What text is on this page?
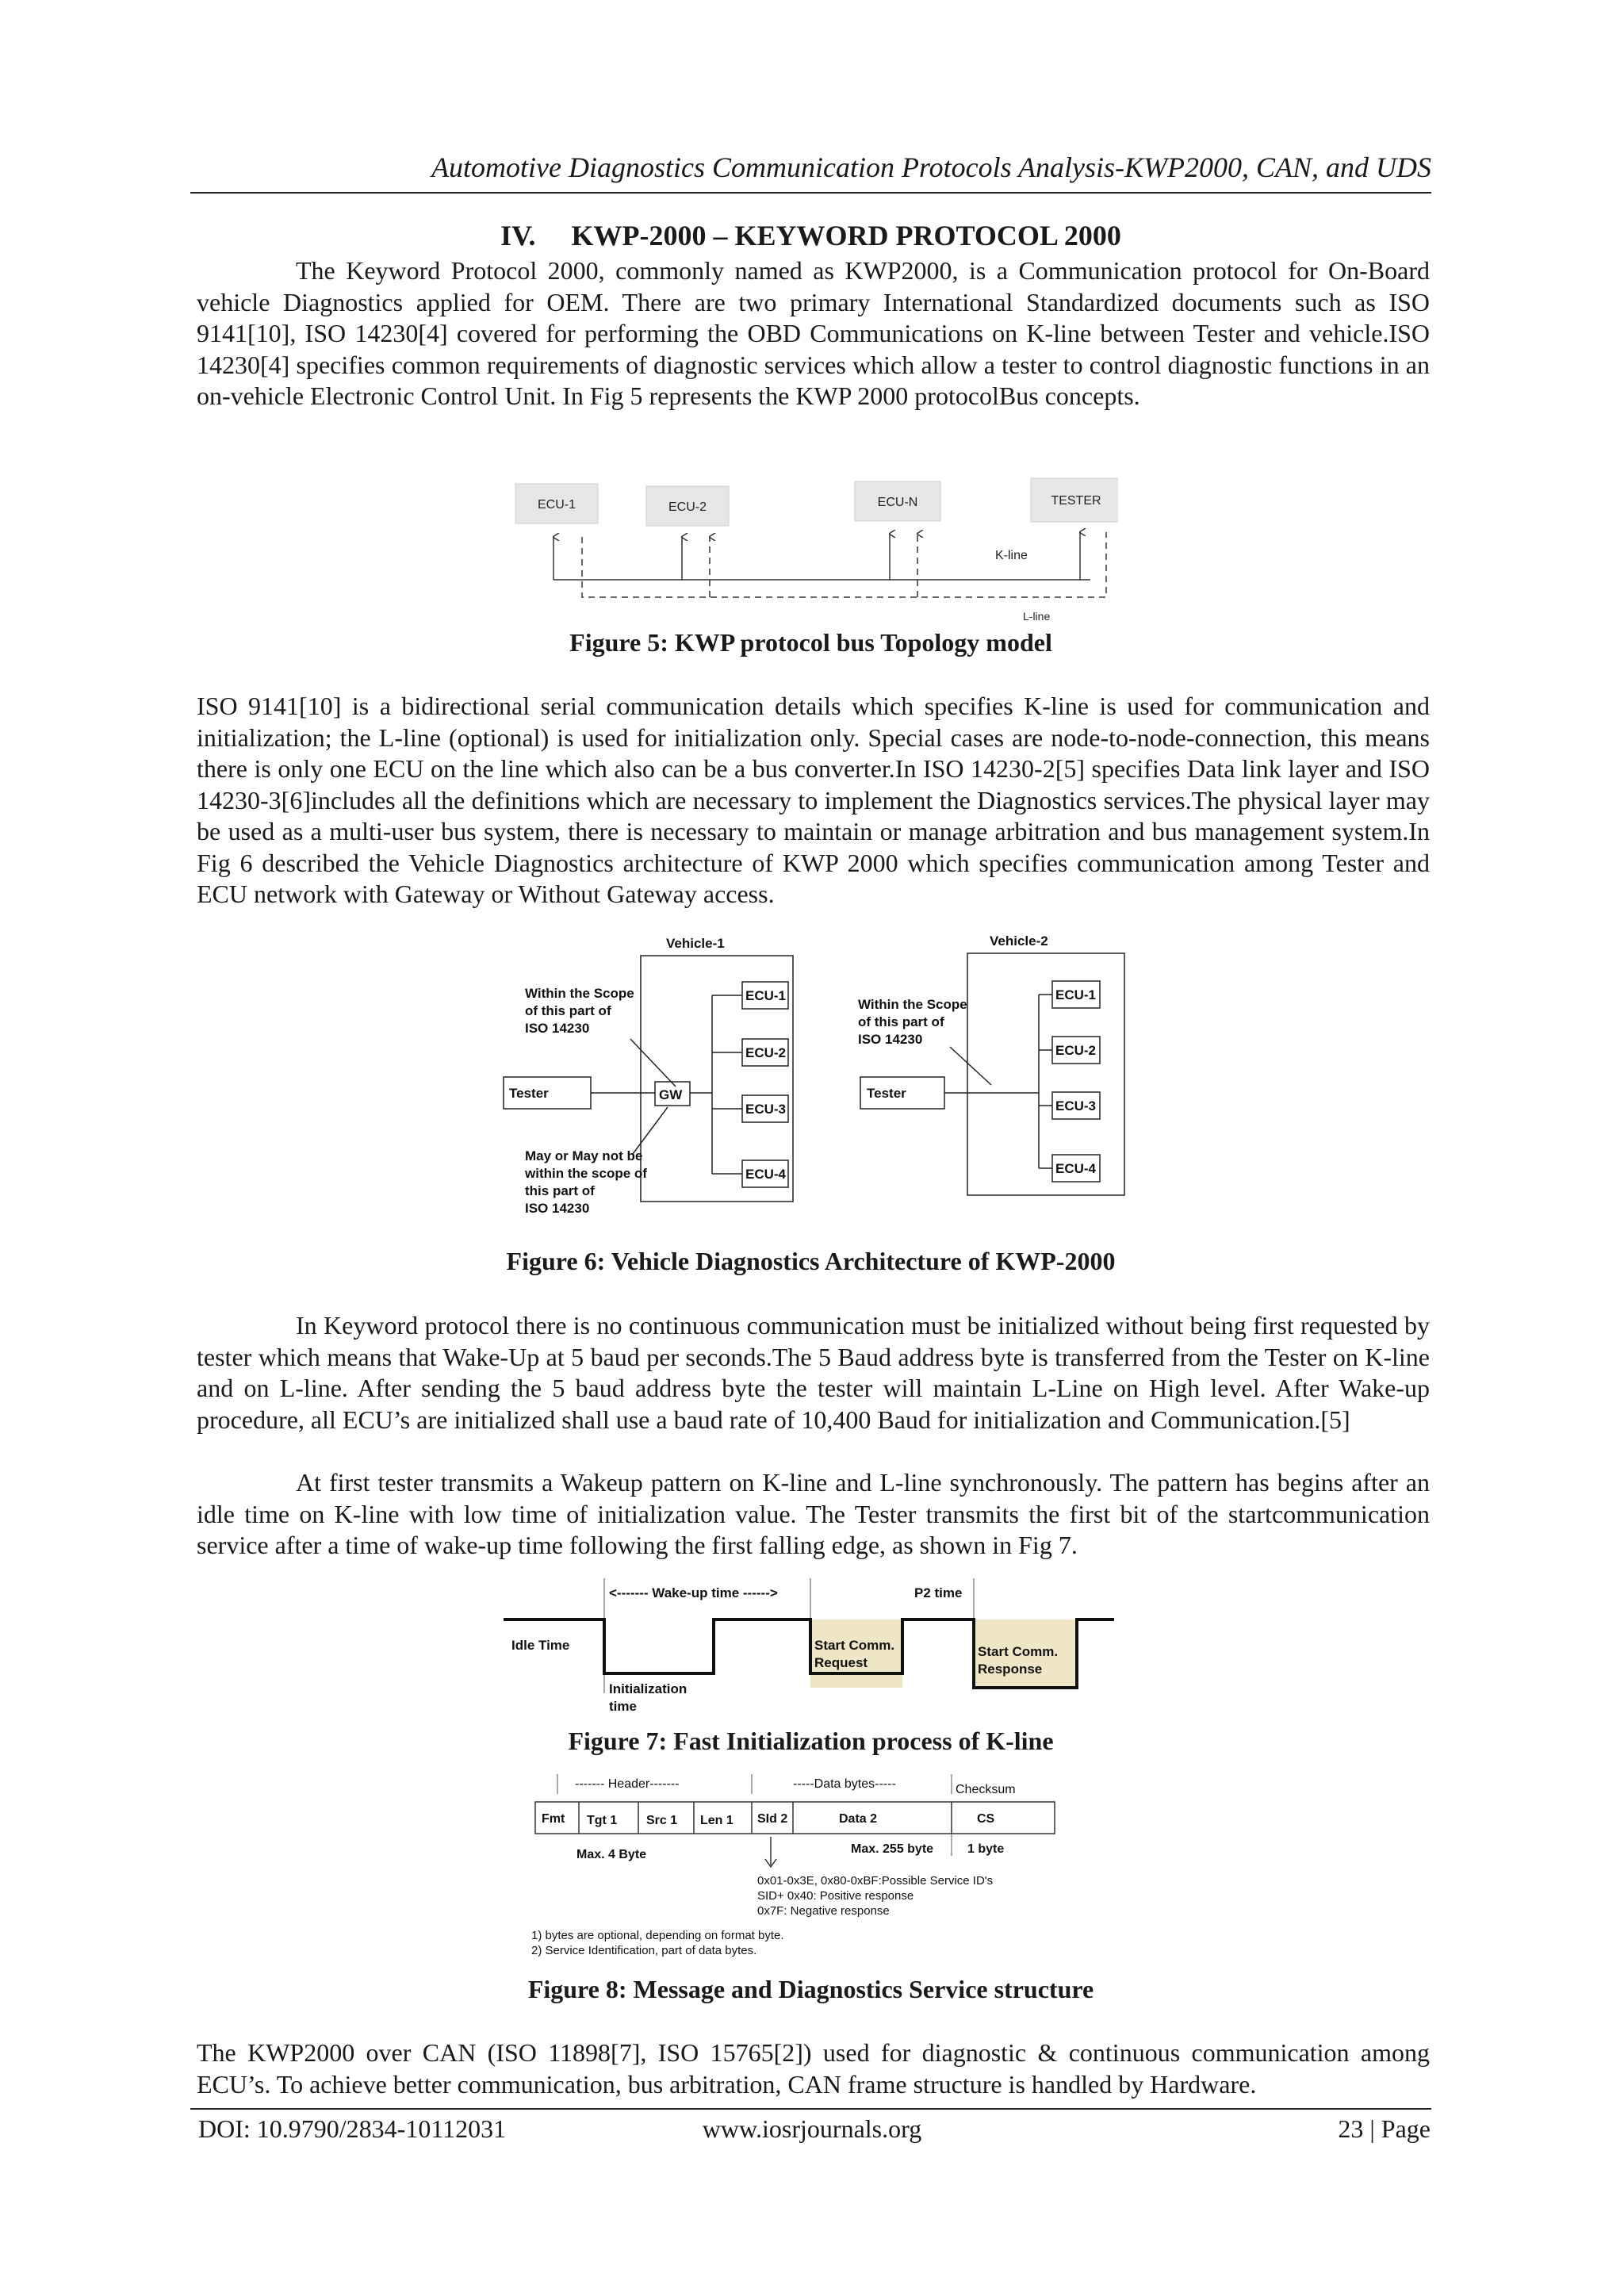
Automotive Diagnostics Communication Protocols Analysis-KWP2000, CAN, and UDS
IV.     KWP-2000 – KEYWORD PROTOCOL 2000
The Keyword Protocol 2000, commonly named as KWP2000, is a Communication protocol for On-Board vehicle Diagnostics applied for OEM. There are two primary International Standardized documents such as ISO 9141[10], ISO 14230[4] covered for performing the OBD Communications on K-line between Tester and vehicle.ISO 14230[4] specifies common requirements of diagnostic services which allow a tester to control diagnostic functions in an on-vehicle Electronic Control Unit. In Fig 5 represents the KWP 2000 protocolBus concepts.
ECU-1	ECU-2	ECU-N	TESTER
K-line
L-line
Figure 5: KWP protocol bus Topology model
ISO 9141[10] is a bidirectional serial communication details which specifies K-line is used for communication and initialization; the L-line (optional) is used for initialization only. Special cases are node-to-node-connection, this means there is only one ECU on the line which also can be a bus converter.In ISO 14230-2[5] specifies Data link layer and ISO 14230-3[6]includes all the definitions which are necessary to implement the Diagnostics services.The physical layer may be used as a multi-user bus system, there is necessary to maintain or manage arbitration and bus management system.In Fig 6 described the Vehicle Diagnostics architecture of KWP 2000 which specifies communication among Tester and ECU network with Gateway or Without Gateway access.
Vehicle-1
Within the Scope
of this part of
ISO 14230
Tester	GW
ECU-1
ECU-2
ECU-3
ECU-4
May or May not be
within the scope of
this part of
ISO 14230
Vehicle-2
Within the Scope
of this part of
ISO 14230
Tester
ECU-1
ECU-2
ECU-3
ECU-4
Figure 6: Vehicle Diagnostics Architecture of KWP-2000
In Keyword protocol there is no continuous communication must be initialized without being first requested by tester which means that Wake-Up at 5 baud per seconds.The 5 Baud address byte is transferred from the Tester on K-line and on L-line. After sending the 5 baud address byte the tester will maintain L-Line on High level. After Wake-up procedure, all ECU’s are initialized shall use a baud rate of 10,400 Baud for initialization and Communication.[5]
At first tester transmits a Wakeup pattern on K-line and L-line synchronously. The pattern has begins after an idle time on K-line with low time of initialization value. The Tester transmits the first bit of the startcommunication service after a time of wake-up time following the first falling edge, as shown in Fig 7.
<------- Wake-up time ------>	P2 time
Idle Time	Start Comm.
Request
Start Comm.
Response
Initialization
time
Figure 7: Fast Initialization process of K-line
------- Header-------	-----Data bytes-----	Checksum
Fmt Tgt 1 Src 1 Len 1 SId 2	Data 2	CS
Max. 4 Byte	Max. 255 byte	1 byte
0x01-0x3E, 0x80-0xBF:Possible Service ID's
SID+ 0x40: Positive response
0x7F: Negative response
1) bytes are optional, depending on format byte.
2) Service Identification, part of data bytes.
Figure 8: Message and Diagnostics Service structure
The KWP2000 over CAN (ISO 11898[7], ISO 15765[2]) used for diagnostic & continuous communication among ECU’s. To achieve better communication, bus arbitration, CAN frame structure is handled by Hardware.
DOI: 10.9790/2834-10112031	www.iosrjournals.org	23 | Page
